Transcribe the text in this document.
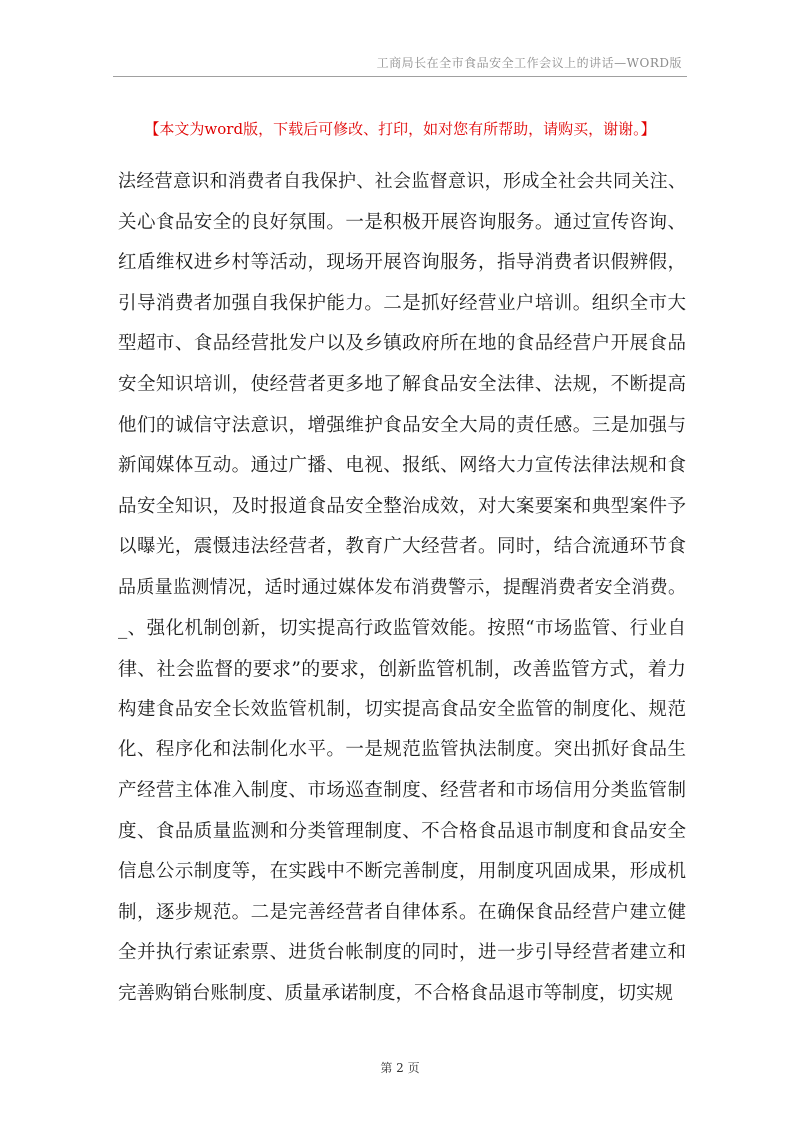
工商局长在全市食品安全工作会议上的讲话—WORD版
【本文为word版，下载后可修改、打印，如对您有所帮助，请购买，谢谢。】
法经营意识和消费者自我保护、社会监督意识，形成全社会共同关注、
关心食品安全的良好氛围。一是积极开展咨询服务。通过宣传咨询、
红盾维权进乡村等活动，现场开展咨询服务，指导消费者识假辨假，
引导消费者加强自我保护能力。二是抓好经营业户培训。组织全市大
型超市、食品经营批发户以及乡镇政府所在地的食品经营户开展食品
安全知识培训，使经营者更多地了解食品安全法律、法规，不断提高
他们的诚信守法意识，增强维护食品安全大局的责任感。三是加强与
新闻媒体互动。通过广播、电视、报纸、网络大力宣传法律法规和食
品安全知识，及时报道食品安全整治成效，对大案要案和典型案件予
以曝光，震慑违法经营者，教育广大经营者。同时，结合流通环节食
品质量监测情况，适时通过媒体发布消费警示，提醒消费者安全消费。
_、强化机制创新，切实提高行政监管效能。按照“市场监管、行业自
律、社会监督的要求”的要求，创新监管机制，改善监管方式，着力
构建食品安全长效监管机制，切实提高食品安全监管的制度化、规范
化、程序化和法制化水平。一是规范监管执法制度。突出抓好食品生
产经营主体准入制度、市场巡查制度、经营者和市场信用分类监管制
度、食品质量监测和分类管理制度、不合格食品退市制度和食品安全
信息公示制度等，在实践中不断完善制度，用制度巩固成果，形成机
制，逐步规范。二是完善经营者自律体系。在确保食品经营户建立健
全并执行索证索票、进货台帐制度的同时，进一步引导经营者建立和
完善购销台账制度、质量承诺制度，不合格食品退市等制度，切实规
第 2 页
